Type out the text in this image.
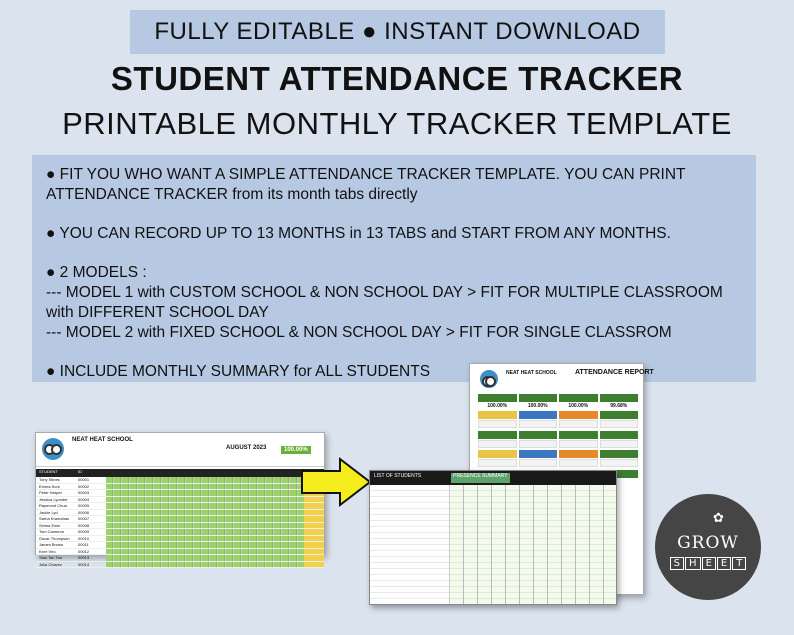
FULLY EDITABLE ● INSTANT DOWNLOAD
STUDENT ATTENDANCE TRACKER
PRINTABLE MONTHLY TRACKER TEMPLATE

● FIT YOU WHO WANT A SIMPLE ATTENDANCE TRACKER TEMPLATE. YOU CAN PRINT

ATTENDANCE TRACKER from its month tabs directly

● YOU CAN RECORD UP TO 13 MONTHS in 13 TABS and START FROM ANY MONTHS.

● 2 MODELS :

--- MODEL 1 with CUSTOM SCHOOL & NON SCHOOL DAY > FIT FOR MULTIPLE CLASSROOM

with DIFFERENT SCHOOL DAY

--- MODEL 2 with FIXED SCHOOL & NON SCHOOL DAY > FIT FOR SINGLE CLASSROM

● INCLUDE MONTHLY SUMMARY for ALL STUDENTS

NEAT HEAT SCHOOL
AUGUST 2023	100.00%
STUDENT	ID
Tony Stines	00001
Emma Scot	00002
Peter Harper	00003
Jessica Lyonder	00004
Raymond Chua	00005
Jackie Lyd	00006
Sarha Kramahan	00007
Selma Ewin	00008
Tom Cameron	00009
Oscar Thompson	00010
James Brown	00011
Kerri Viro	00012
Xian Tan Tan	00013
Julia Chavez	00014
NEAT HEAT SCHOOL	ATTENDANCE REPORT
100.00%	100.00%	100.00%	99.68%
LIST OF STUDENTS	PRESENCE SUMMARY
✿
GROW
S H E E T
